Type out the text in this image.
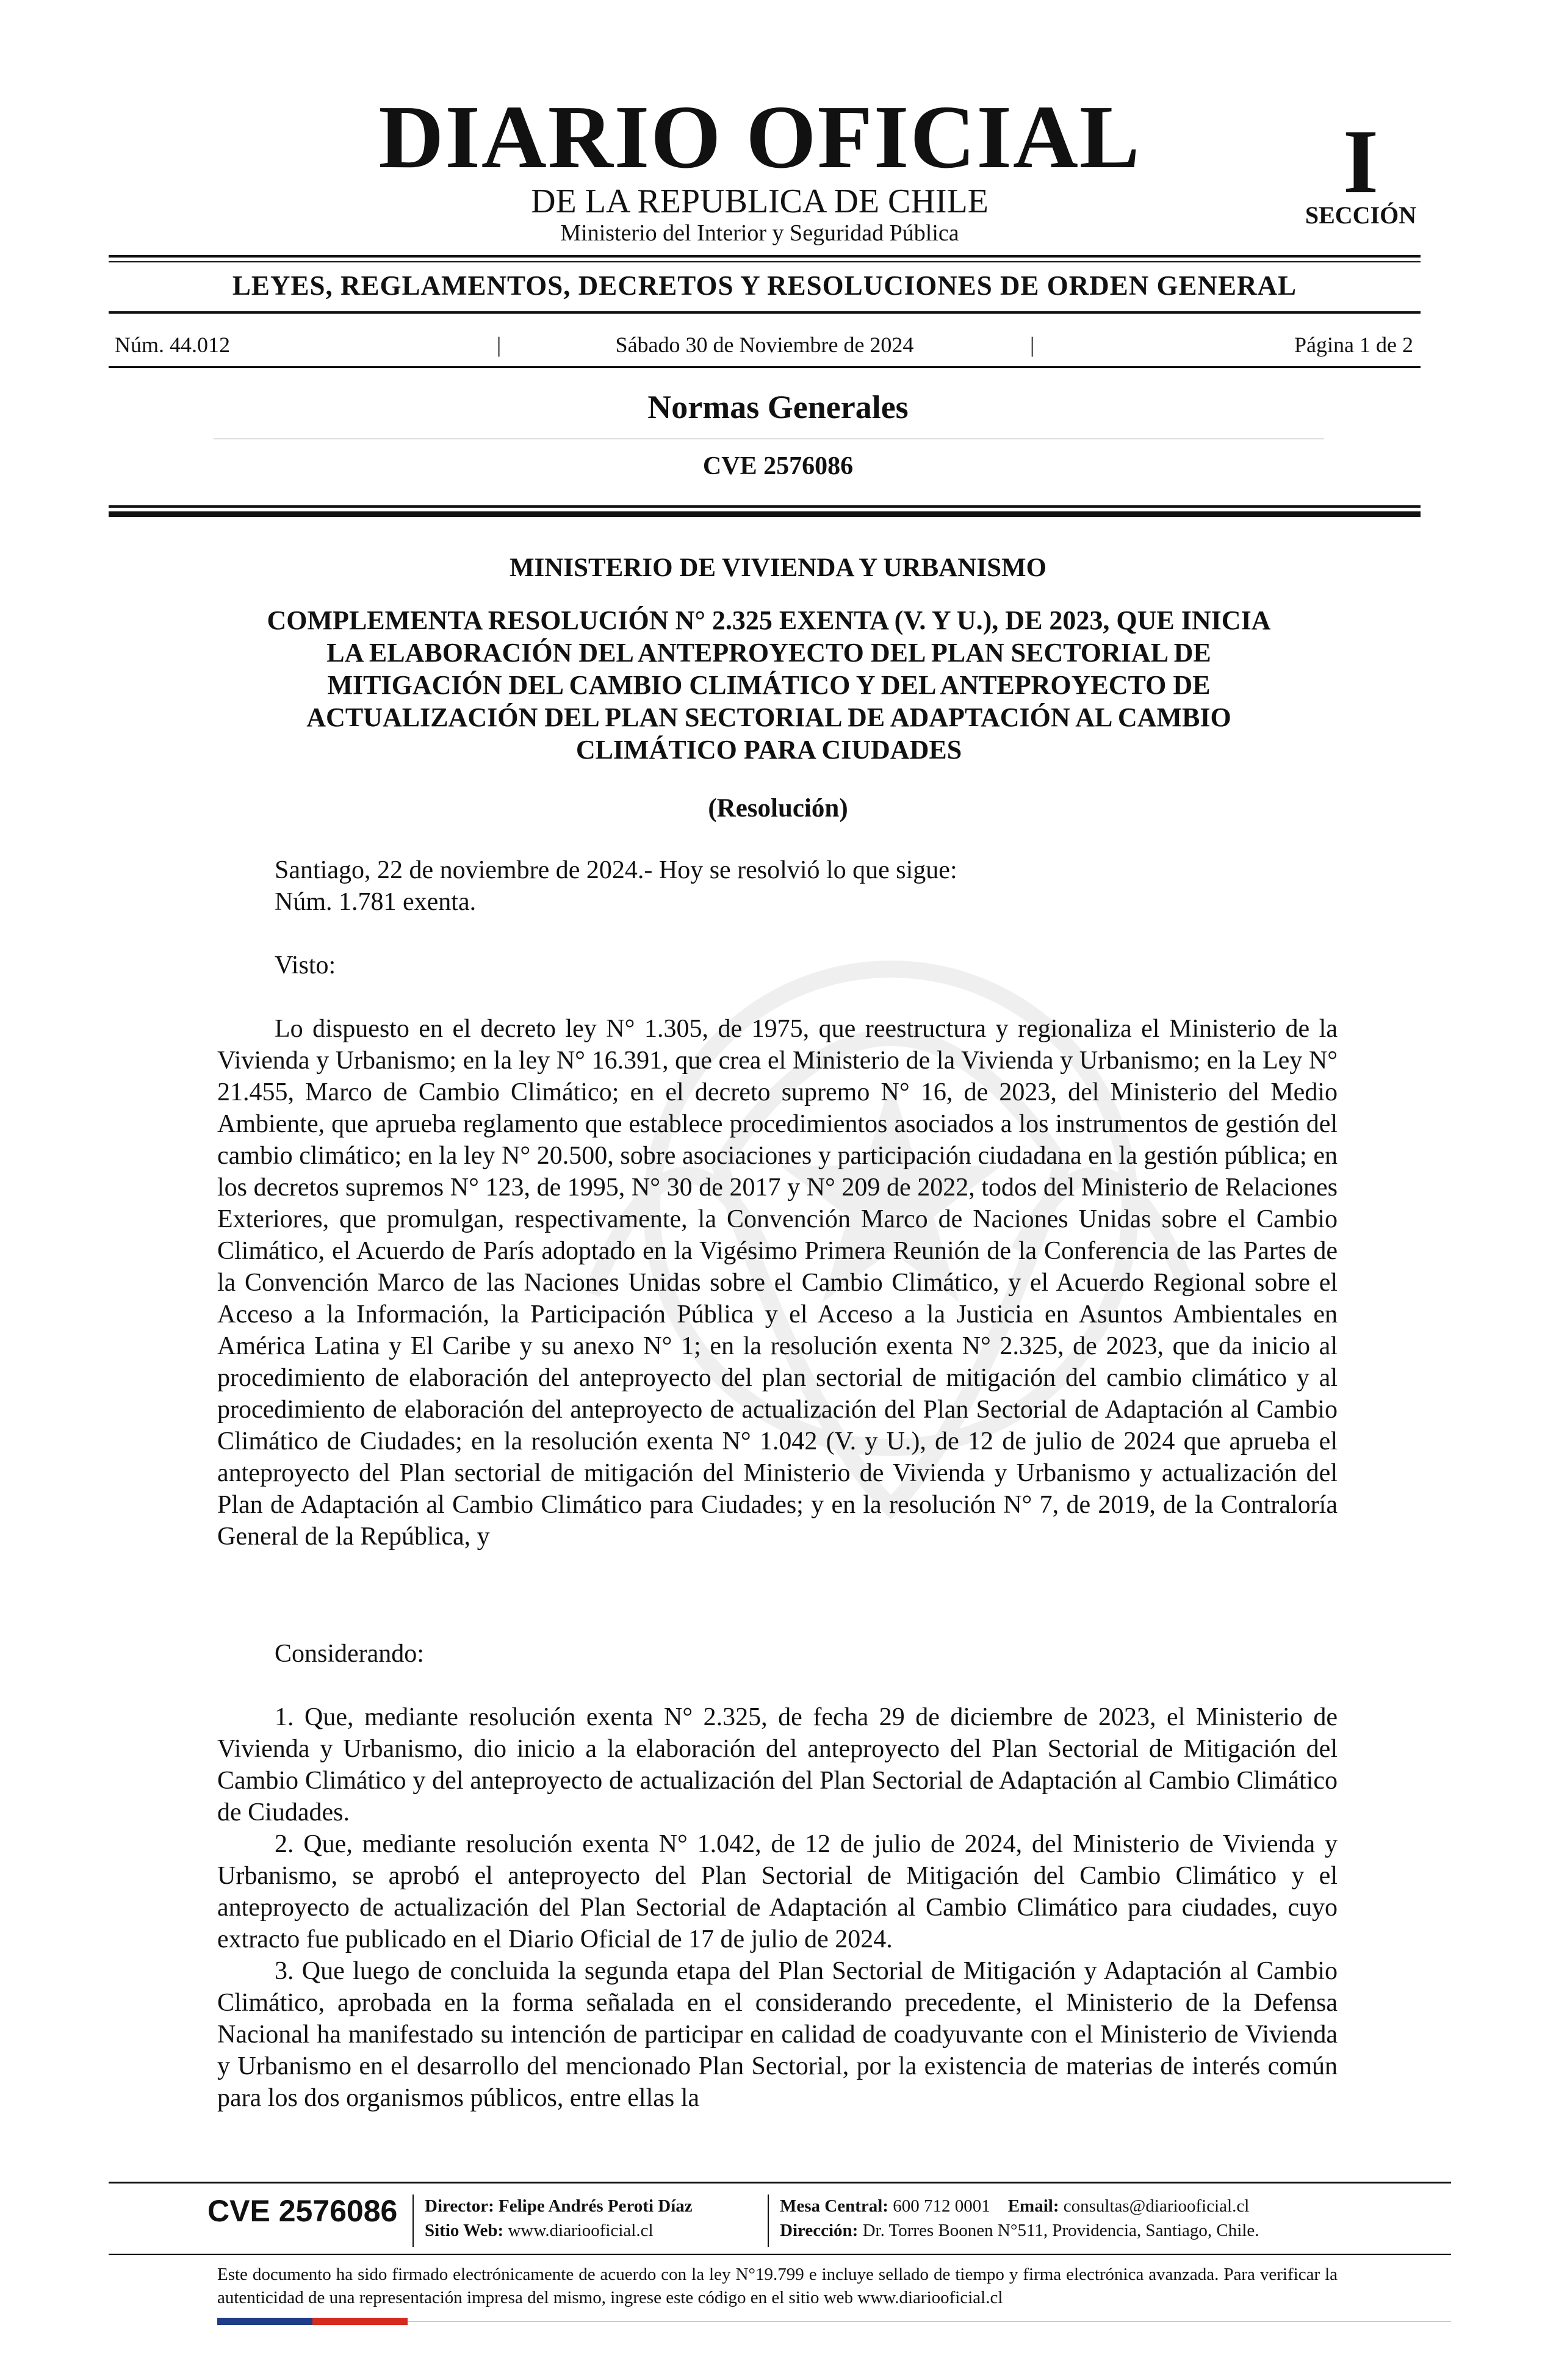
DIARIO OFICIAL
DE LA REPUBLICA DE CHILE
Ministerio del Interior y Seguridad Pública
I
SECCIÓN
LEYES, REGLAMENTOS, DECRETOS Y RESOLUCIONES DE ORDEN GENERAL
Núm. 44.012	|	Sábado 30 de Noviembre de 2024	|	Página 1 de 2
Normas Generales
CVE 2576086
MINISTERIO DE VIVIENDA Y URBANISMO
COMPLEMENTA RESOLUCIÓN N° 2.325 EXENTA (V. Y U.), DE 2023, QUE INICIA
LA ELABORACIÓN DEL ANTEPROYECTO DEL PLAN SECTORIAL DE
MITIGACIÓN DEL CAMBIO CLIMÁTICO Y DEL ANTEPROYECTO DE
ACTUALIZACIÓN DEL PLAN SECTORIAL DE ADAPTACIÓN AL CAMBIO
CLIMÁTICO PARA CIUDADES
(Resolución)
Santiago, 22 de noviembre de 2024.- Hoy se resolvió lo que sigue:
Núm. 1.781 exenta.
Visto:
Lo dispuesto en el decreto ley N° 1.305, de 1975, que reestructura y regionaliza el Ministerio de la Vivienda y Urbanismo; en la ley N° 16.391, que crea el Ministerio de la Vivienda y Urbanismo; en la Ley N° 21.455, Marco de Cambio Climático; en el decreto supremo N° 16, de 2023, del Ministerio del Medio Ambiente, que aprueba reglamento que establece procedimientos asociados a los instrumentos de gestión del cambio climático; en la ley N° 20.500, sobre asociaciones y participación ciudadana en la gestión pública; en los decretos supremos N° 123, de 1995, N° 30 de 2017 y N° 209 de 2022, todos del Ministerio de Relaciones Exteriores, que promulgan, respectivamente, la Convención Marco de Naciones Unidas sobre el Cambio Climático, el Acuerdo de París adoptado en la Vigésimo Primera Reunión de la Conferencia de las Partes de la Convención Marco de las Naciones Unidas sobre el Cambio Climático, y el Acuerdo Regional sobre el Acceso a la Información, la Participación Pública y el Acceso a la Justicia en Asuntos Ambientales en América Latina y El Caribe y su anexo N° 1; en la resolución exenta N° 2.325, de 2023, que da inicio al procedimiento de elaboración del anteproyecto del plan sectorial de mitigación del cambio climático y al procedimiento de elaboración del anteproyecto de actualización del Plan Sectorial de Adaptación al Cambio Climático de Ciudades; en la resolución exenta N° 1.042 (V. y U.), de 12 de julio de 2024 que aprueba el anteproyecto del Plan sectorial de mitigación del Ministerio de Vivienda y Urbanismo y actualización del Plan de Adaptación al Cambio Climático para Ciudades; y en la resolución N° 7, de 2019, de la Contraloría General de la República, y
Considerando:
1. Que, mediante resolución exenta N° 2.325, de fecha 29 de diciembre de 2023, el Ministerio de Vivienda y Urbanismo, dio inicio a la elaboración del anteproyecto del Plan Sectorial de Mitigación del Cambio Climático y del anteproyecto de actualización del Plan Sectorial de Adaptación al Cambio Climático de Ciudades.
2. Que, mediante resolución exenta N° 1.042, de 12 de julio de 2024, del Ministerio de Vivienda y Urbanismo, se aprobó el anteproyecto del Plan Sectorial de Mitigación del Cambio Climático y el anteproyecto de actualización del Plan Sectorial de Adaptación al Cambio Climático para ciudades, cuyo extracto fue publicado en el Diario Oficial de 17 de julio de 2024.
3. Que luego de concluida la segunda etapa del Plan Sectorial de Mitigación y Adaptación al Cambio Climático, aprobada en la forma señalada en el considerando precedente, el Ministerio de la Defensa Nacional ha manifestado su intención de participar en calidad de coadyuvante con el Ministerio de Vivienda y Urbanismo en el desarrollo del mencionado Plan Sectorial, por la existencia de materias de interés común para los dos organismos públicos, entre ellas la
CVE 2576086 Director: Felipe Andrés Peroti Díaz
Sitio Web: www.diariooficial.cl
Mesa Central: 600 712 0001 Email: consultas@diariooficial.cl
Dirección: Dr. Torres Boonen N°511, Providencia, Santiago, Chile.
Este documento ha sido firmado electrónicamente de acuerdo con la ley N°19.799 e incluye sellado de tiempo y firma electrónica avanzada. Para verificar la autenticidad de una representación impresa del mismo, ingrese este código en el sitio web www.diariooficial.cl
